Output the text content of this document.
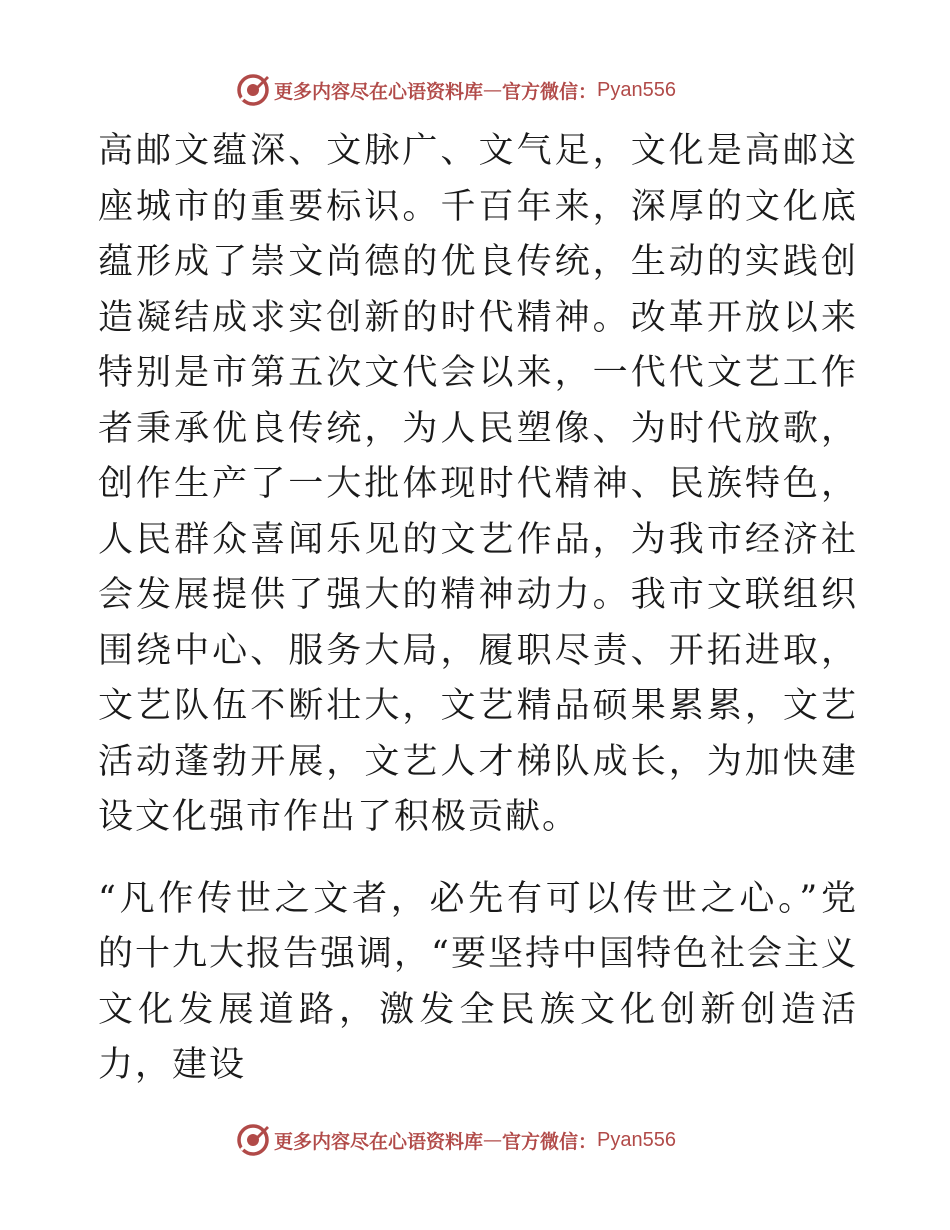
更多内容尽在心语资料库 — 官方微信： Pyan556

高邮文蕴深、文脉广、文气足，文化是高邮这座城市的重要标识。千百年来，深厚的文化底蕴形成了崇文尚德的优良传统，生动的实践创造凝结成求实创新的时代精神。改革开放以来特别是市第五次文代会以来，一代代文艺工作者秉承优良传统，为人民塑像、为时代放歌，创作生产了一大批体现时代精神、民族特色，人民群众喜闻乐见的文艺作品，为我市经济社会发展提供了强大的精神动力。我市文联组织围绕中心、服务大局，履职尽责、开拓进取，文艺队伍不断壮大，文艺精品硕果累累，文艺活动蓬勃开展，文艺人才梯队成长，为加快建设文化强市作出了积极贡献。

“凡作传世之文者，必先有可以传世之心。”党的十九大报告强调，“要坚持中国特色社会主义文化发展道路，激发全民族文化创新创造活力，建设

更多内容尽在心语资料库 — 官方微信： Pyan556
